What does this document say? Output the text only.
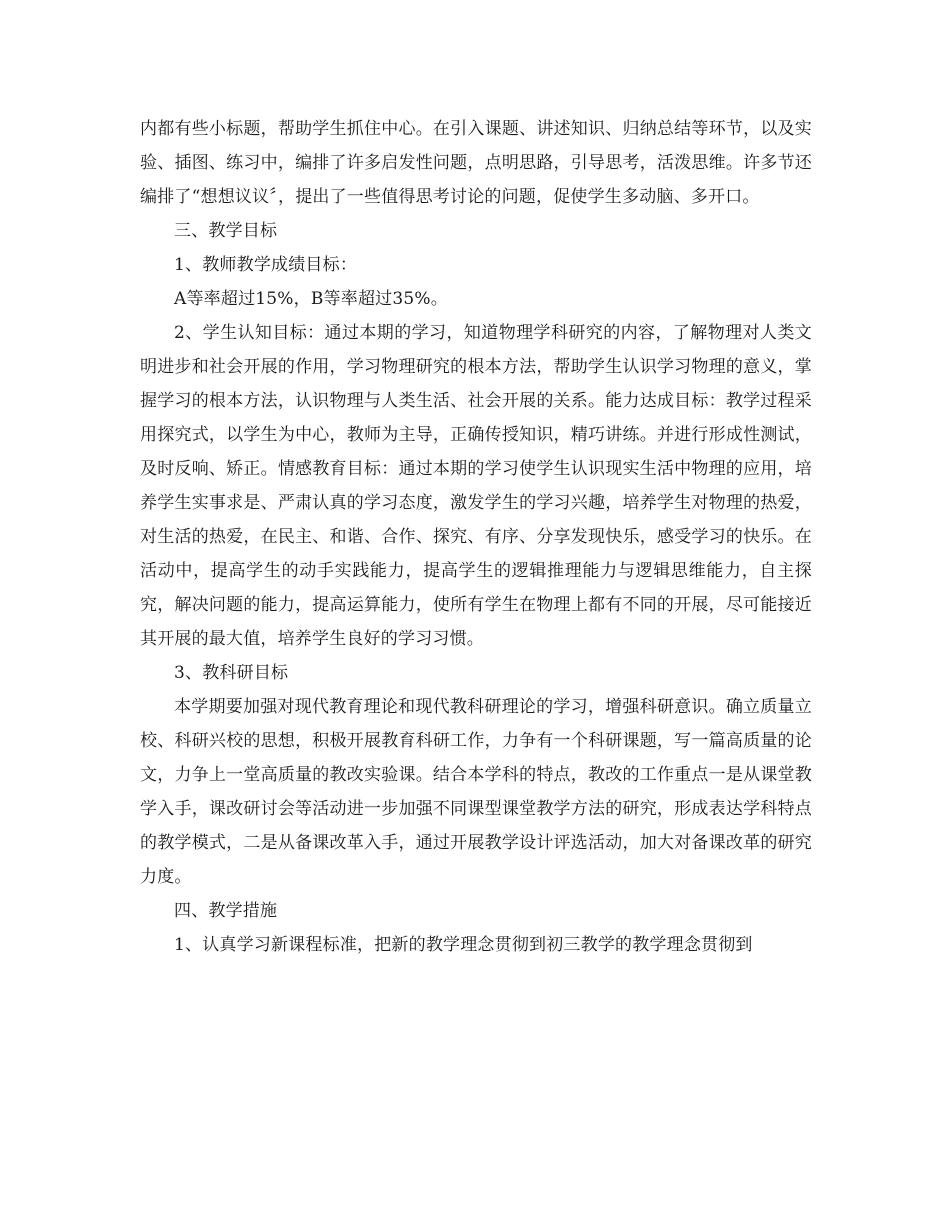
内都有些小标题，帮助学生抓住中心。在引入课题、讲述知识、归纳总结等环节，以及实验、插图、练习中，编排了许多启发性问题，点明思路，引导思考，活泼思维。许多节还编排了“想想议议〞，提出了一些值得思考讨论的问题，促使学生多动脑、多开口。

三、教学目标

1、教师教学成绩目标：

A等率超过15%，B等率超过35%。

2、学生认知目标：通过本期的学习，知道物理学科研究的内容，了解物理对人类文明进步和社会开展的作用，学习物理研究的根本方法，帮助学生认识学习物理的意义，掌握学习的根本方法，认识物理与人类生活、社会开展的关系。能力达成目标：教学过程采用探究式，以学生为中心，教师为主导，正确传授知识，精巧讲练。并进行形成性测试，及时反响、矫正。情感教育目标：通过本期的学习使学生认识现实生活中物理的应用，培养学生实事求是、严肃认真的学习态度，激发学生的学习兴趣，培养学生对物理的热爱，对生活的热爱，在民主、和谐、合作、探究、有序、分享发现快乐，感受学习的快乐。在活动中，提高学生的动手实践能力，提高学生的逻辑推理能力与逻辑思维能力，自主探究，解决问题的能力，提高运算能力，使所有学生在物理上都有不同的开展，尽可能接近其开展的最大值，培养学生良好的学习习惯。

3、教科研目标

本学期要加强对现代教育理论和现代教科研理论的学习，增强科研意识。确立质量立校、科研兴校的思想，积极开展教育科研工作，力争有一个科研课题，写一篇高质量的论文，力争上一堂高质量的教改实验课。结合本学科的特点，教改的工作重点一是从课堂教学入手，课改研讨会等活动进一步加强不同课型课堂教学方法的研究，形成表达学科特点的教学模式，二是从备课改革入手，通过开展教学设计评选活动，加大对备课改革的研究力度。

四、教学措施

1、认真学习新课程标准，把新的教学理念贯彻到初三教学的教学理念贯彻到
